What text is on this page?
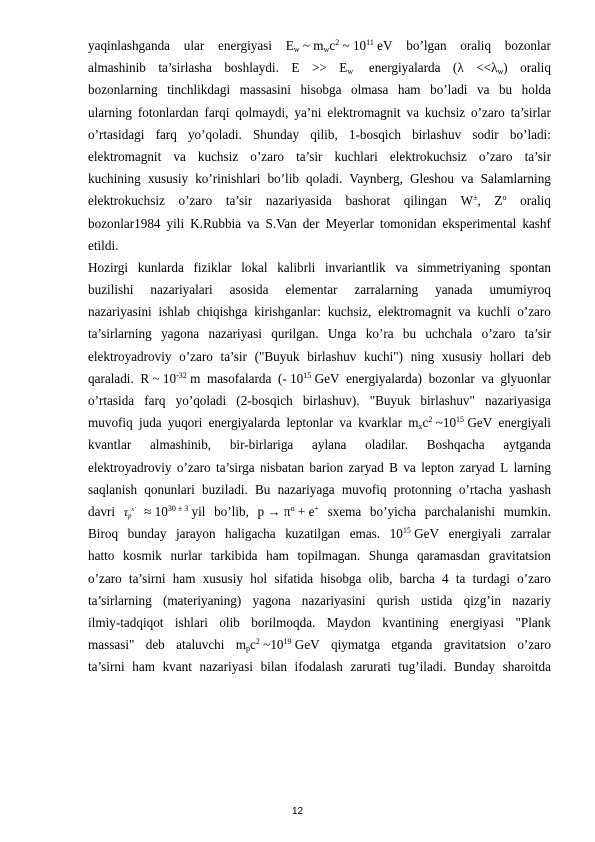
yaqinlashganda ular energiyasi $E_w$ ~ $m_wc^2$ ~ $10^{11}$ eV bo’lgan oraliq bozonlar
almashinib ta’sirlasha boshlaydi. $E >> E_w$ energiyalarda $(\lambda <<\lambda_w)$ oraliq
bozonlarning tinchlikdagi massasini hisobga olmasa ham bo’ladi va bu holda
ularning fotonlardan farqi qolmaydi, ya’ni elektromagnit va kuchsiz o’zaro ta’sirlar
o’rtasidagi farq yo’qoladi. Shunday qilib, 1-bosqich birlashuv sodir bo’ladi:
elektromagnit va kuchsiz o’zaro ta’sir kuchlari elektrokuchsiz o’zaro ta’sir
kuchining xususiy ko’rinishlari bo’lib qoladi. Vaynberg, Gleshou va Salamlarning
elektrokuchsiz o’zaro ta’sir nazariyasida bashorat qilingan W±, $Z^o$ oraliq
bozonlar1984 yili K.Rubbia va S.Van der Meyerlar tomonidan eksperimental kashf
etildi.
Hozirgi kunlarda fiziklar lokal kalibrli invariantlik va simmetriyaning spontan
buzilishi nazariyalari asosida elementar zarralarning yanada umumiyroq
nazariyasini ishlab chiqishga kirishganlar: kuchsiz, elektromagnit va kuchli o’zaro
ta’sirlarning yagona nazariyasi qurilgan. Unga ko’ra bu uchchala o’zaro ta’sir
elektroyadroviy o’zaro ta’sir ("Buyuk birlashuv kuchi") ning xususiy hollari deb
qaraladi. R ~ $10^{-32}$ m masofalarda (- $10^{15}$ GeV energiyalarda) bozonlar va glyuonlar
o’rtasida farq yo’qoladi (2-bosqich birlashuv). "Buyuk birlashuv" nazariyasiga
muvofiq juda yuqori energiyalarda leptonlar va kvarklar $m_xc^2$ $\sim 10^{15}$ GeV energiyali
kvantlar almashinib, bir-birlariga aylana oladilar. Boshqacha aytganda
elektroyadroviy o’zaro ta’sirga nisbatan barion zaryad B va lepton zaryad L larning
saqlanish qonunlari buziladi. Bu nazariyaga muvofiq protonning o’rtacha yashash
davri $\tau_p^{x'} \approx 10^{30 \pm 3}$ yil bo’lib, $p \to \pi^o + e^+$ sxema bo’yicha parchalanishi mumkin.
Biroq bunday jarayon haligacha kuzatilgan emas. $10^{15}$ GeV energiyali zarralar
hatto kosmik nurlar tarkibida ham topilmagan. Shunga qaramasdan gravitatsion
o’zaro ta’sirni ham xususiy hol sifatida hisobga olib, barcha 4 ta turdagi o’zaro
ta’sirlarning (materiyaning) yagona nazariyasini qurish ustida qizg’in nazariy
ilmiy-tadqiqot ishlari olib borilmoqda. Maydon kvantining energiyasi "Plank
massasi" deb ataluvchi $m_pc^2$ $\sim 10^{19}$ GeV qiymatga etganda gravitatsion o’zaro
ta’sirni ham kvant nazariyasi bilan ifodalash zarurati tug’iladi. Bunday sharoitda
12
